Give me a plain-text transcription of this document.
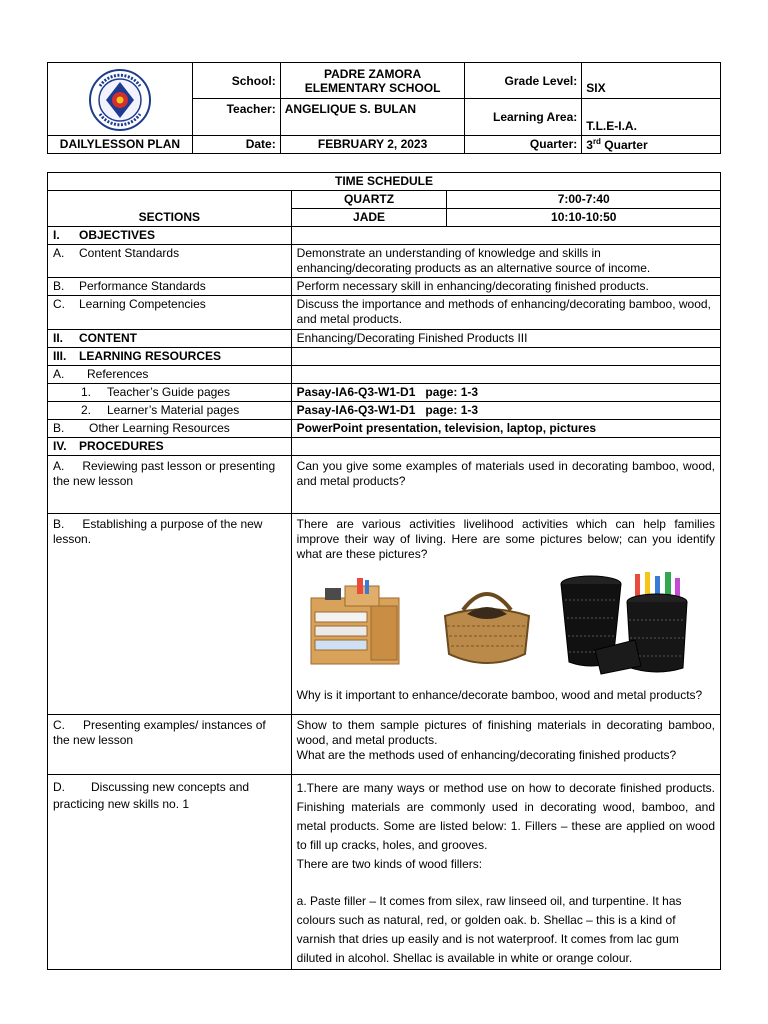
	School:	PADRE ZAMORA ELEMENTARY SCHOOL	Grade Level:	SIX
	Teacher:	ANGELIQUE S. BULAN	Learning Area:	T.L.E-I.A.
DAILYLESSON PLAN	Date:	FEBRUARY 2, 2023	Quarter:	3rd Quarter
TIME SCHEDULE		
SECTIONS	QUARTZ	7:00-7:40
	JADE	10:10-10:50

I. OBJECTIVES		

A. Content Standards	Demonstrate an understanding of knowledge and skills in enhancing/decorating products as an alternative source of income.	

B. Performance Standards	Perform necessary skill in enhancing/decorating finished products.	

C. Learning Competencies	Discuss the importance and methods of enhancing/decorating bamboo, wood, and metal products.	

II. CONTENT	Enhancing/Decorating Finished Products III	

III. LEARNING RESOURCES		

A. References		

1. Teacher’s Guide pages	Pasay-IA6-Q3-W1-D1   page: 1-3	

2. Learner’s Material pages	Pasay-IA6-Q3-W1-D1   page: 1-3	

B. Other Learning Resources	PowerPoint presentation, television, laptop, pictures	

IV. PROCEDURES		

A. Reviewing past lesson or presenting the new lesson	Can you give some examples of materials used in decorating bamboo, wood, and metal products?	
B. Establishing a purpose of the new lesson.	There are various activities livelihood activities which can help families improve their way of living. Here are some pictures below; can you identify what are these pictures?

Why is it important to enhance/decorate bamboo, wood and metal products?	

C. Presenting examples/ instances of the new lesson	Show to them sample pictures of finishing materials in decorating bamboo, wood, and metal products.

What are the methods used of enhancing/decorating finished products?	

D. Discussing new concepts and practicing new skills no. 1	1.There are many ways or method use on how to decorate finished products. Finishing materials are commonly used in decorating wood, bamboo, and metal products. Some are listed below: 1. Fillers – these are applied on wood to fill up cracks, holes, and grooves.

There are two kinds of wood fillers:

a. Paste filler – It comes from silex, raw linseed oil, and turpentine. It has colours such as natural, red, or golden oak. b. Shellac – this is a kind of varnish that dries up easily and is not waterproof. It comes from lac gum diluted in alcohol. Shellac is available in white or orange colour.	
